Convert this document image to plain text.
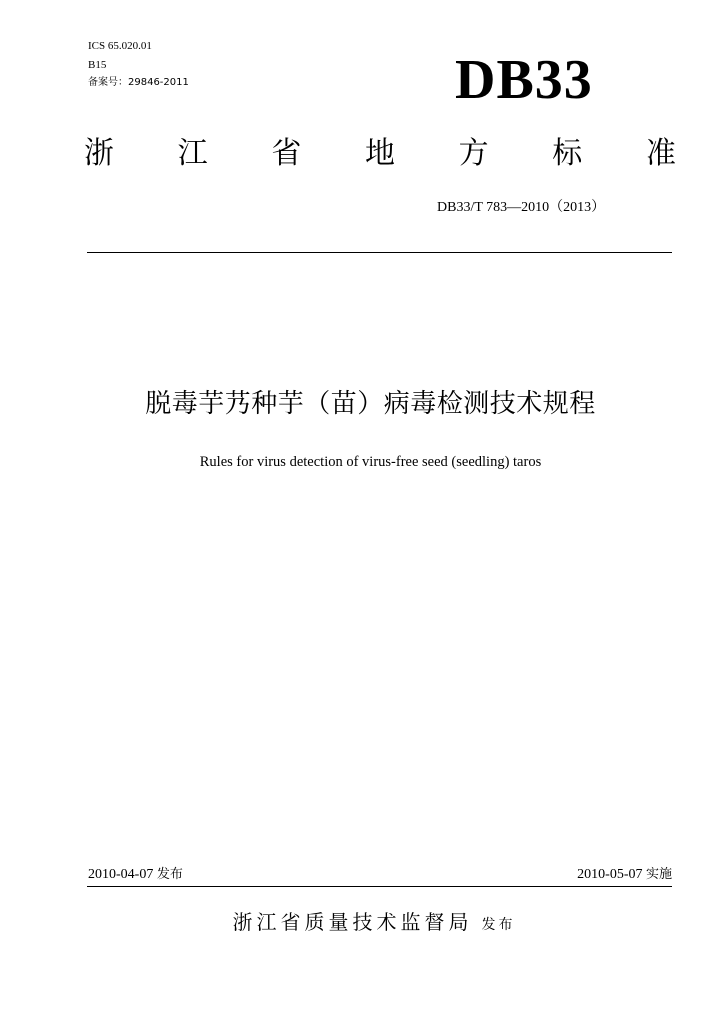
ICS 65.020.01
B15
备案号：29846-2011	DB33
浙 江 省 地 方 标 准
DB33/T 783—2010（2013）
脱毒芋艿种芋（苗）病毒检测技术规程
Rules for virus detection of virus-free seed (seedling) taros
2010-04-07 发布	2010-05-07 实施
浙江省质量技术监督局 发布
